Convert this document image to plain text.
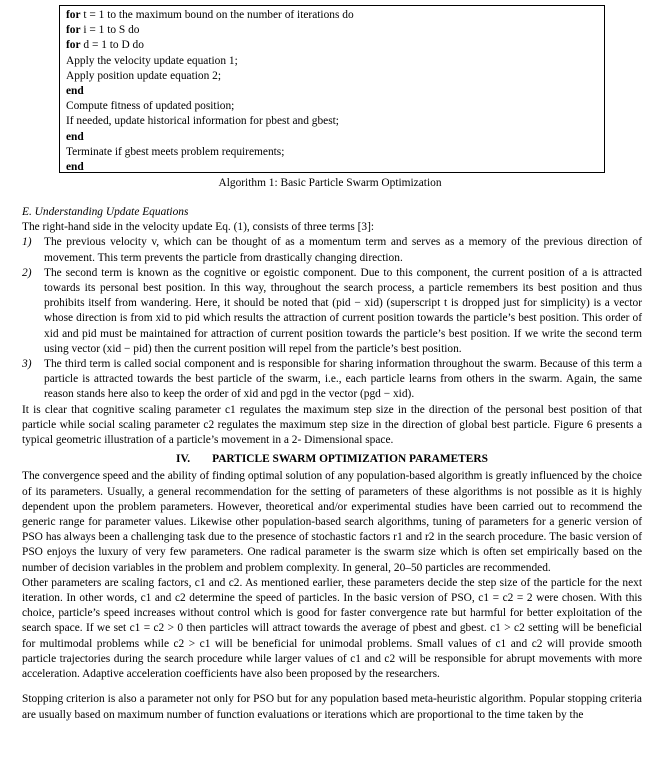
for t = 1 to the maximum bound on the number of iterations do
for i = 1 to S do
for d = 1 to D do
Apply the velocity update equation 1;
Apply position update equation 2;
end
Compute fitness of updated position;
If needed, update historical information for pbest and gbest;
end
Terminate if gbest meets problem requirements;
end
Algorithm 1: Basic Particle Swarm Optimization
E. Understanding Update Equations

The right-hand side in the velocity update Eq. (1), consists of three terms [3]:

1) The previous velocity v, which can be thought of as a momentum term and serves as a memory of the previous direction of movement. This term prevents the particle from drastically changing direction.
2) The second term is known as the cognitive or egoistic component. Due to this component, the current position of a is attracted towards its personal best position. In this way, throughout the search process, a particle remembers its best position and thus prohibits itself from wandering. Here, it should be noted that (pid − xid) (superscript t is dropped just for simplicity) is a vector whose direction is from xid to pid which results the attraction of current position towards the particle’s best position. This order of xid and pid must be maintained for attraction of current position towards the particle’s best position. If we write the second term using vector (xid − pid) then the current position will repel from the particle’s best position.
3) The third term is called social component and is responsible for sharing information throughout the swarm. Because of this term a particle is attracted towards the best particle of the swarm, i.e., each particle learns from others in the swarm. Again, the same reason stands here also to keep the order of xid and pgd in the vector (pgd − xid).

It is clear that cognitive scaling parameter c1 regulates the maximum step size in the direction of the personal best position of that particle while social scaling parameter c2 regulates the maximum step size in the direction of global best particle. Figure 6 presents a typical geometric illustration of a particle’s movement in a 2- Dimensional space.

IV. PARTICLE SWARM OPTIMIZATION PARAMETERS

The convergence speed and the ability of finding optimal solution of any population-based algorithm is greatly influenced by the choice of its parameters. Usually, a general recommendation for the setting of parameters of these algorithms is not possible as it is highly dependent upon the problem parameters. However, theoretical and/or experimental studies have been carried out to recommend the generic range for parameter values. Likewise other population-based search algorithms, tuning of parameters for a generic version of PSO has always been a challenging task due to the presence of stochastic factors r1 and r2 in the search procedure. The basic version of PSO enjoys the luxury of very few parameters. One radical parameter is the swarm size which is often set empirically based on the number of decision variables in the problem and problem complexity. In general, 20–50 particles are recommended.

Other parameters are scaling factors, c1 and c2. As mentioned earlier, these parameters decide the step size of the particle for the next iteration. In other words, c1 and c2 determine the speed of particles. In the basic version of PSO, c1 = c2 = 2 were chosen. With this choice, particle’s speed increases without control which is good for faster convergence rate but harmful for better exploitation of the search space. If we set c1 = c2 > 0 then particles will attract towards the average of pbest and gbest. c1 > c2 setting will be beneficial for multimodal problems while c2 > c1 will be beneficial for unimodal problems. Small values of c1 and c2 will provide smooth particle trajectories during the search procedure while larger values of c1 and c2 will be responsible for abrupt movements with more acceleration. Adaptive acceleration coefficients have also been proposed by the researchers.

Stopping criterion is also a parameter not only for PSO but for any population based meta-heuristic algorithm. Popular stopping criteria are usually based on maximum number of function evaluations or iterations which are proportional to the time taken by the
